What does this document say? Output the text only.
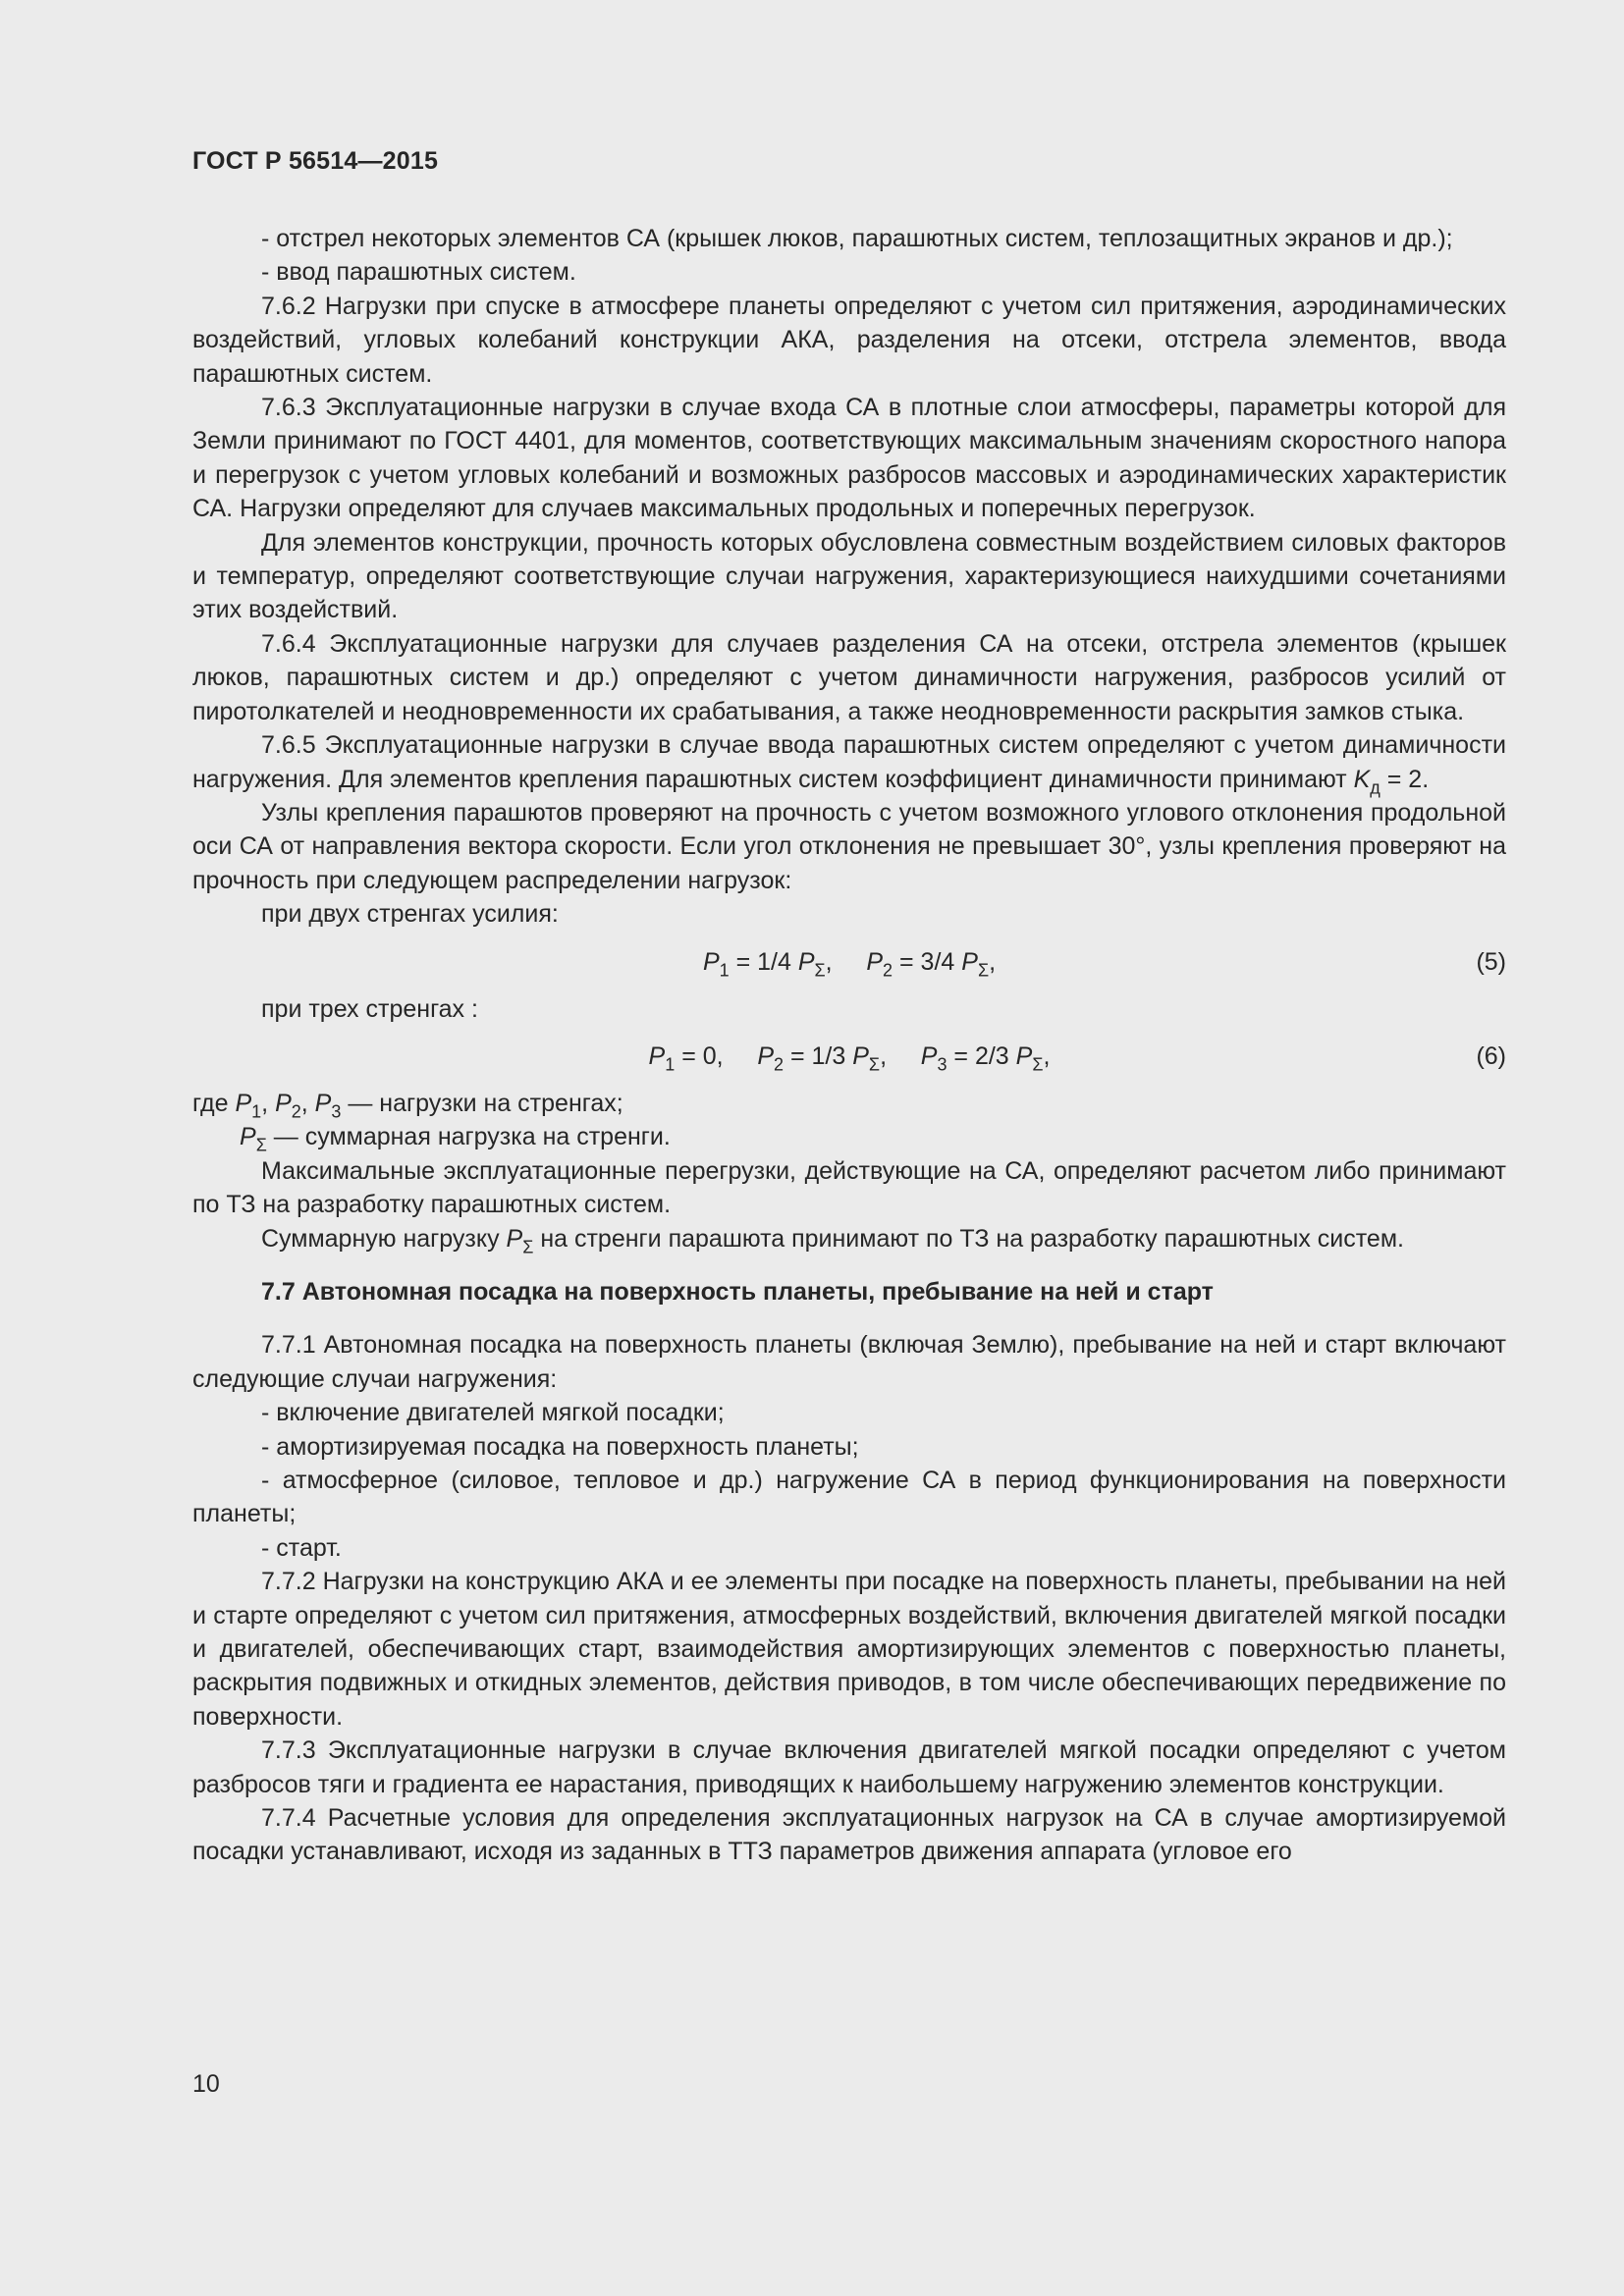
ГОСТ Р 56514—2015

- отстрел некоторых элементов СА (крышек люков, парашютных систем, теплозащитных экранов и др.);

- ввод парашютных систем.

7.6.2 Нагрузки при спуске в атмосфере планеты определяют с учетом сил притяжения, аэродинамических воздействий, угловых колебаний конструкции АКА, разделения на отсеки, отстрела элементов, ввода парашютных систем.

7.6.3 Эксплуатационные нагрузки в случае входа СА в плотные слои атмосферы, параметры которой для Земли принимают по ГОСТ 4401, для моментов, соответствующих максимальным значениям скоростного напора и перегрузок с учетом угловых колебаний и возможных разбросов массовых и аэродинамических характеристик СА. Нагрузки определяют для случаев максимальных продольных и поперечных перегрузок.

Для элементов конструкции, прочность которых обусловлена совместным воздействием силовых факторов и температур, определяют соответствующие случаи нагружения, характеризующиеся наихудшими сочетаниями этих воздействий.

7.6.4 Эксплуатационные нагрузки для случаев разделения СА на отсеки, отстрела элементов (крышек люков, парашютных систем и др.) определяют с учетом динамичности нагружения, разбросов усилий от пиротолкателей и неодновременности их срабатывания, а также неодновременности раскрытия замков стыка.

7.6.5 Эксплуатационные нагрузки в случае ввода парашютных систем определяют с учетом динамичности нагружения. Для элементов крепления парашютных систем коэффициент динамичности принимают $K_д = 2$.

Узлы крепления парашютов проверяют на прочность с учетом возможного углового отклонения продольной оси СА от направления вектора скорости. Если угол отклонения не превышает 30°, узлы крепления проверяют на прочность при следующем распределении нагрузок:

при двух стренгах усилия:

$P_1 = 1/4$ $P_\Sigma$,     $P_2 = 3/4$ $P_\Sigma$,	(5)

при трех стренгах :

$P_1 = 0$,     $P_2 = 1/3$ $P_\Sigma$,     $P_3 = 2/3$ $P_\Sigma$,	(6)

где $P_1$, $P_2$, $P_3$ — нагрузки на стренгах;

$P_\Sigma$ — суммарная нагрузка на стренги.

Максимальные эксплуатационные перегрузки, действующие на СА, определяют расчетом либо принимают по ТЗ на разработку парашютных систем.

Суммарную нагрузку $P_\Sigma$ на стренги парашюта принимают по ТЗ на разработку парашютных систем.

7.7 Автономная посадка на поверхность планеты, пребывание на ней и старт

7.7.1 Автономная посадка на поверхность планеты (включая Землю), пребывание на ней и старт включают следующие случаи нагружения:

- включение двигателей мягкой посадки;

- амортизируемая посадка на поверхность планеты;

- атмосферное (силовое, тепловое и др.) нагружение СА в период функционирования на поверхности планеты;

- старт.

7.7.2 Нагрузки на конструкцию АКА и ее элементы при посадке на поверхность планеты, пребывании на ней и старте определяют с учетом сил притяжения, атмосферных воздействий, включения двигателей мягкой посадки и двигателей, обеспечивающих старт, взаимодействия амортизирующих элементов с поверхностью планеты, раскрытия подвижных и откидных элементов, действия приводов, в том числе обеспечивающих передвижение по поверхности.

7.7.3 Эксплуатационные нагрузки в случае включения двигателей мягкой посадки определяют с учетом разбросов тяги и градиента ее нарастания, приводящих к наибольшему нагружению элементов конструкции.

7.7.4 Расчетные условия для определения эксплуатационных нагрузок на СА в случае амортизируемой посадки устанавливают, исходя из заданных в ТТЗ параметров движения аппарата (угловое его

10
